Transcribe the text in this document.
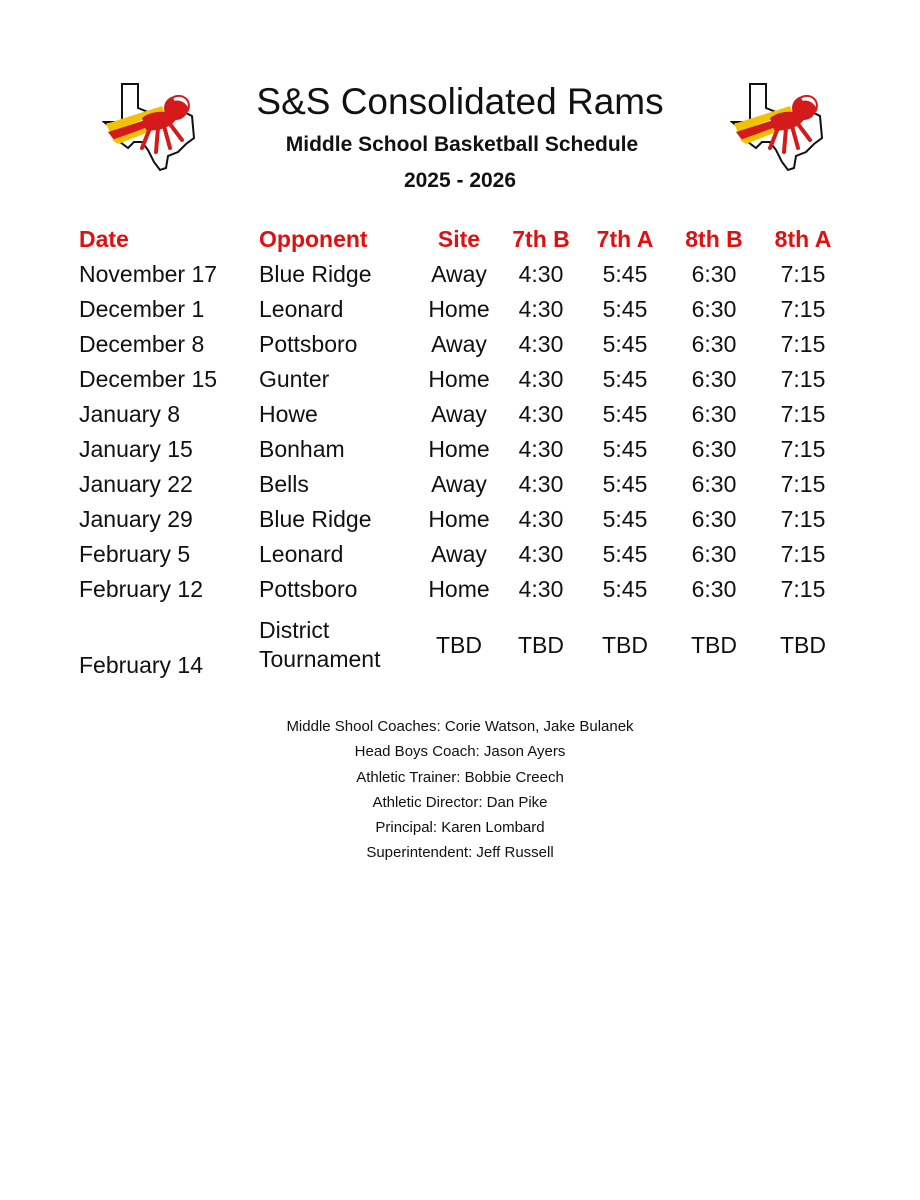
S&S Consolidated Rams
Middle School Basketball Schedule
2025 - 2026
Date	Opponent	Site	7th B	7th A	8th B	8th A
November 17	Blue Ridge	Away	4:30	5:45	6:30	7:15
December 1	Leonard	Home	4:30	5:45	6:30	7:15
December 8	Pottsboro	Away	4:30	5:45	6:30	7:15
December 15	Gunter	Home	4:30	5:45	6:30	7:15
January 8	Howe	Away	4:30	5:45	6:30	7:15
January 15	Bonham	Home	4:30	5:45	6:30	7:15
January 22	Bells	Away	4:30	5:45	6:30	7:15
January 29	Blue Ridge	Home	4:30	5:45	6:30	7:15
February 5	Leonard	Away	4:30	5:45	6:30	7:15
February 12	Pottsboro	Home	4:30	5:45	6:30	7:15
February 14	District Tournament	TBD	TBD	TBD	TBD	TBD
Middle Shool Coaches: Corie Watson, Jake Bulanek
Head Boys Coach: Jason Ayers
Athletic Trainer: Bobbie Creech
Athletic Director: Dan Pike
Principal: Karen Lombard
Superintendent: Jeff Russell
